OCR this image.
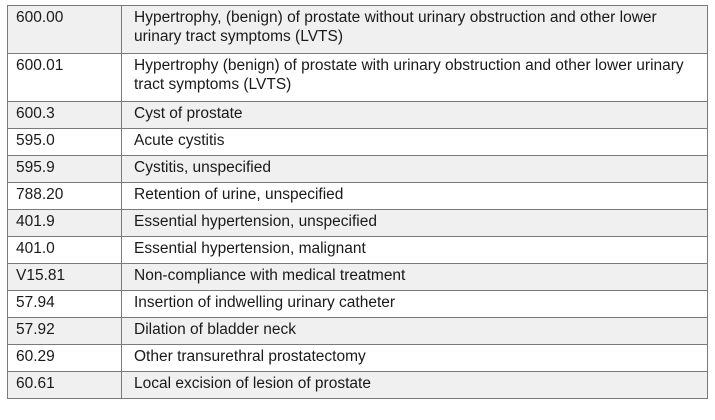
600.00	Hypertrophy, (benign) of prostate without urinary obstruction and other lower urinary tract symptoms (LVTS)
600.01	Hypertrophy (benign) of prostate with urinary obstruction and other lower urinary tract symptoms (LVTS)
600.3	Cyst of prostate
595.0	Acute cystitis
595.9	Cystitis, unspecified
788.20	Retention of urine, unspecified
401.9	Essential hypertension, unspecified
401.0	Essential hypertension, malignant
V15.81	Non-compliance with medical treatment
57.94	Insertion of indwelling urinary catheter
57.92	Dilation of bladder neck
60.29	Other transurethral prostatectomy
60.61	Local excision of lesion of prostate
